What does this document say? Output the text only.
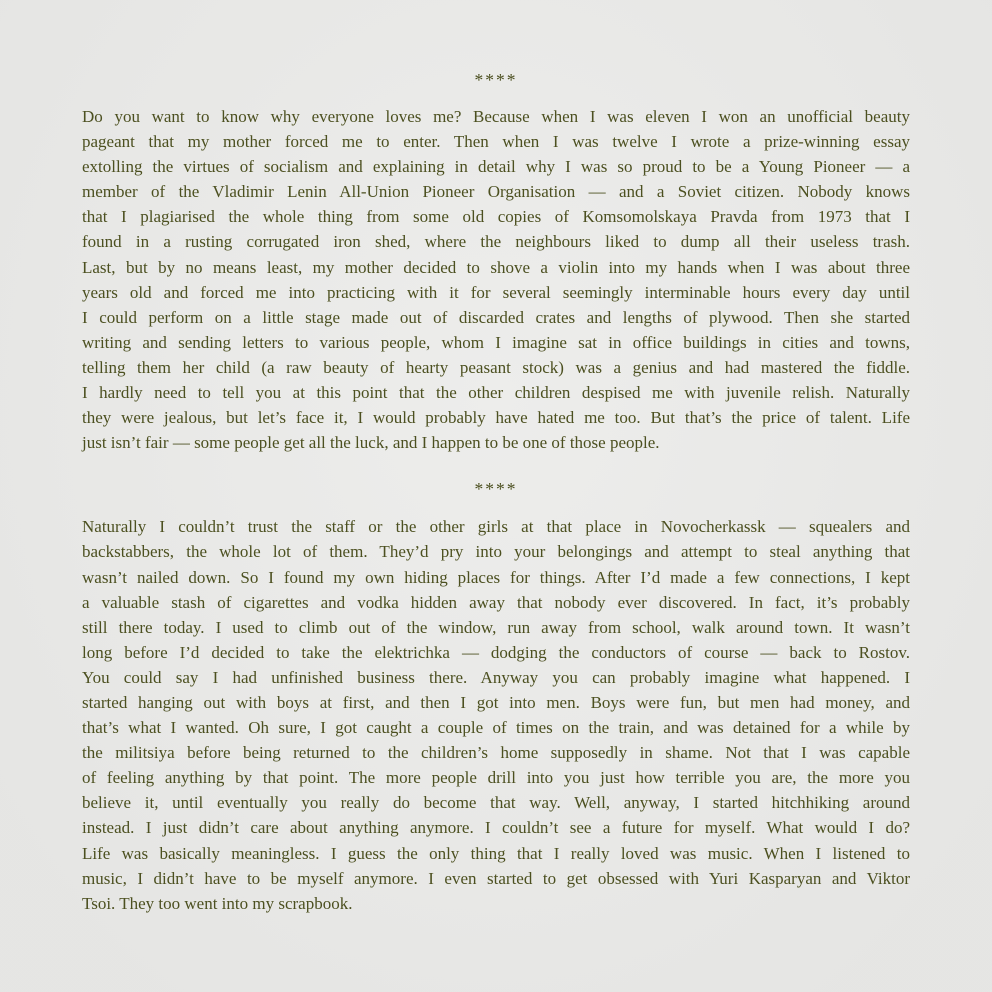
****
Do you want to know why everyone loves me? Because when I was eleven I won an unofficial beauty
pageant that my mother forced me to enter. Then when I was twelve I wrote a prize-winning essay
extolling the virtues of socialism and explaining in detail why I was so proud to be a Young Pioneer — a
member of the Vladimir Lenin All-Union Pioneer Organisation — and a Soviet citizen. Nobody knows
that I plagiarised the whole thing from some old copies of Komsomolskaya Pravda from 1973 that I
found in a rusting corrugated iron shed, where the neighbours liked to dump all their useless trash.
Last, but by no means least, my mother decided to shove a violin into my hands when I was about three
years old and forced me into practicing with it for several seemingly interminable hours every day until
I could perform on a little stage made out of discarded crates and lengths of plywood. Then she started
writing and sending letters to various people, whom I imagine sat in office buildings in cities and towns,
telling them her child (a raw beauty of hearty peasant stock) was a genius and had mastered the fiddle.
I hardly need to tell you at this point that the other children despised me with juvenile relish. Naturally
they were jealous, but let’s face it, I would probably have hated me too. But that’s the price of talent. Life
just isn’t fair — some people get all the luck, and I happen to be one of those people.
****
Naturally I couldn’t trust the staff or the other girls at that place in Novocherkassk — squealers and
backstabbers, the whole lot of them. They’d pry into your belongings and attempt to steal anything that
wasn’t nailed down. So I found my own hiding places for things. After I’d made a few connections, I kept
a valuable stash of cigarettes and vodka hidden away that nobody ever discovered. In fact, it’s probably
still there today. I used to climb out of the window, run away from school, walk around town. It wasn’t
long before I’d decided to take the elektrichka — dodging the conductors of course — back to Rostov.
You could say I had unfinished business there. Anyway you can probably imagine what happened. I
started hanging out with boys at first, and then I got into men. Boys were fun, but men had money, and
that’s what I wanted. Oh sure, I got caught a couple of times on the train, and was detained for a while by
the militsiya before being returned to the children’s home supposedly in shame. Not that I was capable
of feeling anything by that point. The more people drill into you just how terrible you are, the more you
believe it, until eventually you really do become that way. Well, anyway, I started hitchhiking around
instead. I just didn’t care about anything anymore. I couldn’t see a future for myself. What would I do?
Life was basically meaningless. I guess the only thing that I really loved was music. When I listened to
music, I didn’t have to be myself anymore. I even started to get obsessed with Yuri Kasparyan and Viktor
Tsoi. They too went into my scrapbook.
